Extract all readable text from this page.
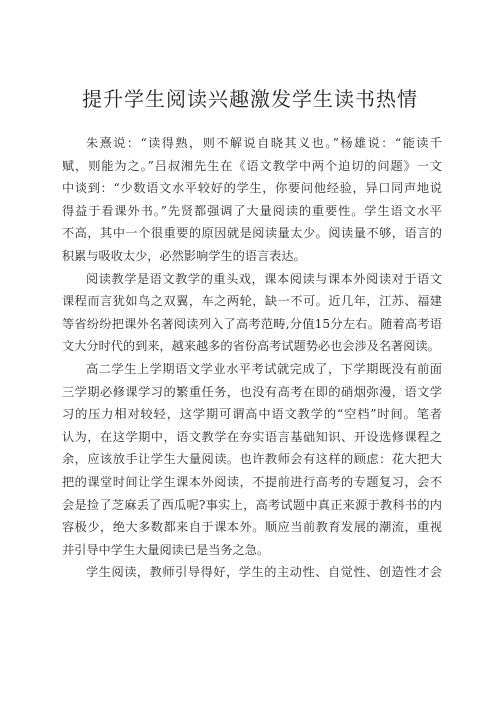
提升学生阅读兴趣激发学生读书热情
朱熹说：“读得熟，则不解说自晓其义也。”杨雄说：“能读千
赋，则能为之。”吕叔湘先生在《语文教学中两个迫切的问题》一文
中谈到：“少数语文水平较好的学生，你要问他经验，异口同声地说
得益于看课外书。”先贤都强调了大量阅读的重要性。学生语文水平
不高，其中一个很重要的原因就是阅读量太少。阅读量不够，语言的
积累与吸收太少，必然影响学生的语言表达。
阅读教学是语文教学的重头戏，课本阅读与课本外阅读对于语文
课程而言犹如鸟之双翼，车之两轮，缺一不可。近几年，江苏、福建
等省纷纷把课外名著阅读列入了高考范畴,分值15分左右。随着高考语
文大分时代的到来，越来越多的省份高考试题势必也会涉及名著阅读。
高二学生上学期语文学业水平考试就完成了，下学期既没有前面
三学期必修课学习的繁重任务，也没有高考在即的硝烟弥漫，语文学
习的压力相对较轻，这学期可谓高中语文教学的“空档”时间。笔者
认为，在这学期中，语文教学在夯实语言基础知识、开设选修课程之
余，应该放手让学生大量阅读。也许教师会有这样的顾虑：花大把大
把的课堂时间让学生课本外阅读，不提前进行高考的专题复习，会不
会是捡了芝麻丢了西瓜呢?事实上，高考试题中真正来源于教科书的内
容极少，绝大多数都来自于课本外。顺应当前教育发展的潮流，重视
并引导中学生大量阅读已是当务之急。
学生阅读，教师引导得好，学生的主动性、自觉性、创造性才会
